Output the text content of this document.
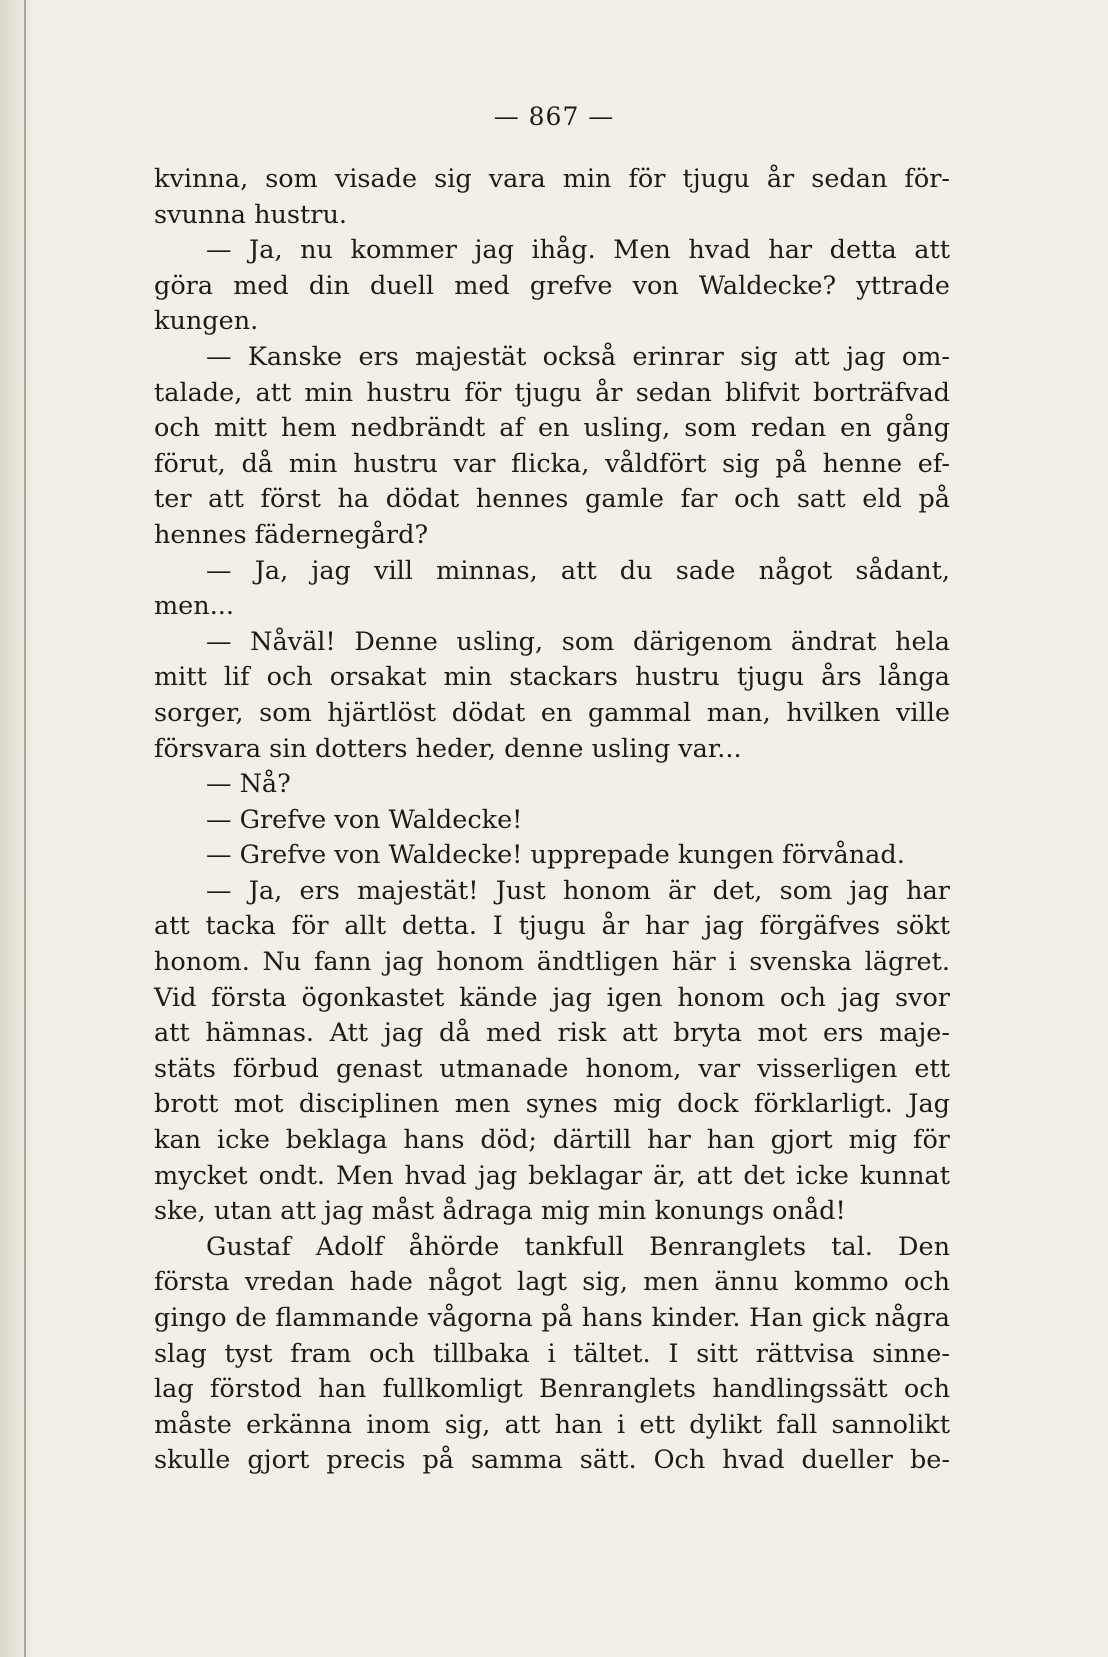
— 867 —
kvinna, som visade sig vara min för tjugu år sedan för-
svunna hustru.
— Ja, nu kommer jag ihåg. Men hvad har detta att
göra med din duell med grefve von Waldecke? yttrade
kungen.
— Kanske ers majestät också erinrar sig att jag om-
talade, att min hustru för tjugu år sedan blifvit borträfvad
och mitt hem nedbrändt af en usling, som redan en gång
förut, då min hustru var flicka, våldfört sig på henne ef-
ter att först ha dödat hennes gamle far och satt eld på
hennes fädernegård?
— Ja, jag vill minnas, att du sade något sådant,
men...
— Nåväl! Denne usling, som därigenom ändrat hela
mitt lif och orsakat min stackars hustru tjugu års långa
sorger, som hjärtlöst dödat en gammal man, hvilken ville
försvara sin dotters heder, denne usling var...
— Nå?
— Grefve von Waldecke!
— Grefve von Waldecke! upprepade kungen förvånad.
— Ja, ers majestät! Just honom är det, som jag har
att tacka för allt detta. I tjugu år har jag förgäfves sökt
honom. Nu fann jag honom ändtligen här i svenska lägret.
Vid första ögonkastet kände jag igen honom och jag svor
att hämnas. Att jag då med risk att bryta mot ers maje-
stäts förbud genast utmanade honom, var visserligen ett
brott mot disciplinen men synes mig dock förklarligt. Jag
kan icke beklaga hans död; därtill har han gjort mig för
mycket ondt. Men hvad jag beklagar är, att det icke kunnat
ske, utan att jag måst ådraga mig min konungs onåd!
Gustaf Adolf åhörde tankfull Benranglets tal. Den
första vredan hade något lagt sig, men ännu kommo och
gingo de flammande vågorna på hans kinder. Han gick några
slag tyst fram och tillbaka i tältet. I sitt rättvisa sinne-
lag förstod han fullkomligt Benranglets handlingssätt och
måste erkänna inom sig, att han i ett dylikt fall sannolikt
skulle gjort precis på samma sätt. Och hvad dueller be-
